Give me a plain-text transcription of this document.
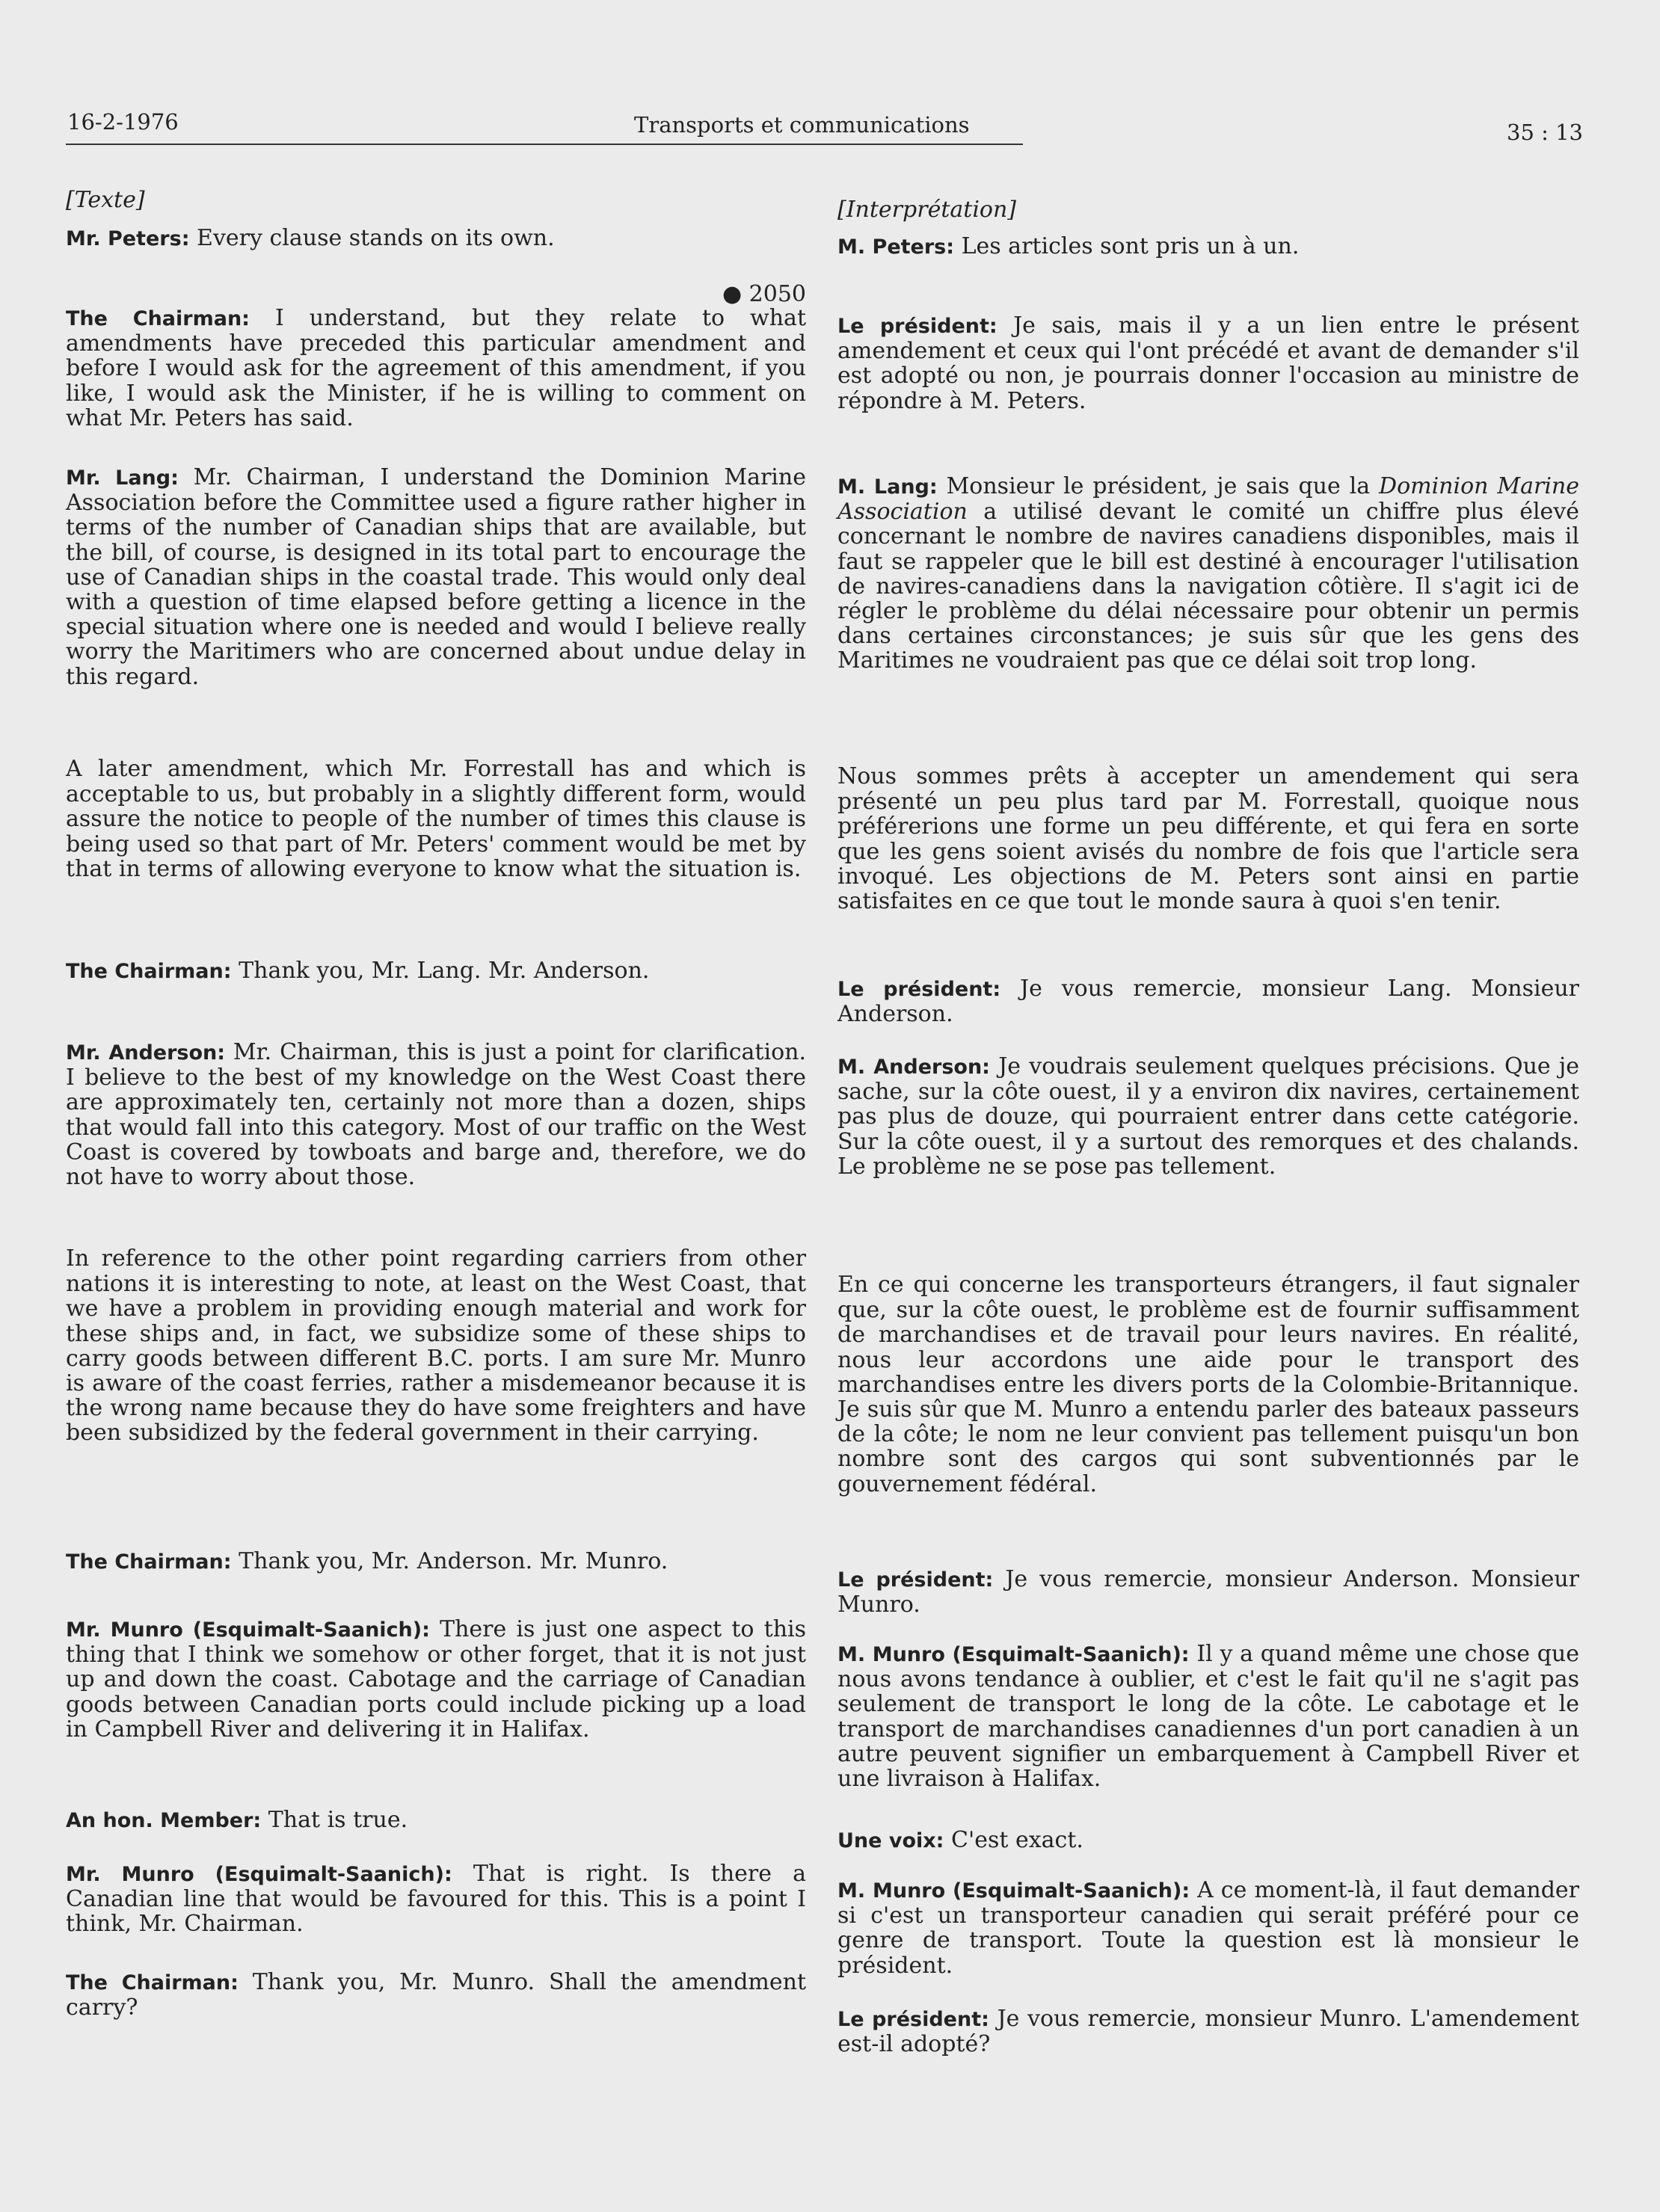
16-2-1976	Transports et communications	35 : 13

[Texte]

Mr. Peters: Every clause stands on its own.

● 2050

The Chairman: I understand, but they relate to what amendments have preceded this particular amendment and before I would ask for the agreement of this amendment, if you like, I would ask the Minister, if he is willing to comment on what Mr. Peters has said.

Mr. Lang: Mr. Chairman, I understand the Dominion Marine Association before the Committee used a figure rather higher in terms of the number of Canadian ships that are available, but the bill, of course, is designed in its total part to encourage the use of Canadian ships in the coastal trade. This would only deal with a question of time elapsed before getting a licence in the special situation where one is needed and would I believe really worry the Maritimers who are concerned about undue delay in this regard.

A later amendment, which Mr. Forrestall has and which is acceptable to us, but probably in a slightly different form, would assure the notice to people of the number of times this clause is being used so that part of Mr. Peters' comment would be met by that in terms of allowing everyone to know what the situation is.

The Chairman: Thank you, Mr. Lang. Mr. Anderson.

Mr. Anderson: Mr. Chairman, this is just a point for clarification. I believe to the best of my knowledge on the West Coast there are approximately ten, certainly not more than a dozen, ships that would fall into this category. Most of our traffic on the West Coast is covered by towboats and barge and, therefore, we do not have to worry about those.

In reference to the other point regarding carriers from other nations it is interesting to note, at least on the West Coast, that we have a problem in providing enough material and work for these ships and, in fact, we subsidize some of these ships to carry goods between different B.C. ports. I am sure Mr. Munro is aware of the coast ferries, rather a misdemeanor because it is the wrong name because they do have some freighters and have been subsidized by the federal government in their carrying.

The Chairman: Thank you, Mr. Anderson. Mr. Munro.

Mr. Munro (Esquimalt-Saanich): There is just one aspect to this thing that I think we somehow or other forget, that it is not just up and down the coast. Cabotage and the carriage of Canadian goods between Canadian ports could include picking up a load in Campbell River and delivering it in Halifax.

An hon. Member: That is true.

Mr. Munro (Esquimalt-Saanich): That is right. Is there a Canadian line that would be favoured for this. This is a point I think, Mr. Chairman.

The Chairman: Thank you, Mr. Munro. Shall the amendment carry?

[Interprétation]

M. Peters: Les articles sont pris un à un.

Le président: Je sais, mais il y a un lien entre le présent amendement et ceux qui l'ont précédé et avant de demander s'il est adopté ou non, je pourrais donner l'occasion au ministre de répondre à M. Peters.

M. Lang: Monsieur le président, je sais que la Dominion Marine Association a utilisé devant le comité un chiffre plus élevé concernant le nombre de navires canadiens disponibles, mais il faut se rappeler que le bill est destiné à encourager l'utilisation de navires-canadiens dans la navigation côtière. Il s'agit ici de régler le problème du délai nécessaire pour obtenir un permis dans certaines circonstances; je suis sûr que les gens des Maritimes ne voudraient pas que ce délai soit trop long.

Nous sommes prêts à accepter un amendement qui sera présenté un peu plus tard par M. Forrestall, quoique nous préférerions une forme un peu différente, et qui fera en sorte que les gens soient avisés du nombre de fois que l'article sera invoqué. Les objections de M. Peters sont ainsi en partie satisfaites en ce que tout le monde saura à quoi s'en tenir.

Le président: Je vous remercie, monsieur Lang. Monsieur Anderson.

M. Anderson: Je voudrais seulement quelques précisions. Que je sache, sur la côte ouest, il y a environ dix navires, certainement pas plus de douze, qui pourraient entrer dans cette catégorie. Sur la côte ouest, il y a surtout des remorques et des chalands. Le problème ne se pose pas tellement.

En ce qui concerne les transporteurs étrangers, il faut signaler que, sur la côte ouest, le problème est de fournir suffisamment de marchandises et de travail pour leurs navires. En réalité, nous leur accordons une aide pour le transport des marchandises entre les divers ports de la Colombie-Britannique. Je suis sûr que M. Munro a entendu parler des bateaux passeurs de la côte; le nom ne leur convient pas tellement puisqu'un bon nombre sont des cargos qui sont subventionnés par le gouvernement fédéral.

Le président: Je vous remercie, monsieur Anderson. Monsieur Munro.

M. Munro (Esquimalt-Saanich): Il y a quand même une chose que nous avons tendance à oublier, et c'est le fait qu'il ne s'agit pas seulement de transport le long de la côte. Le cabotage et le transport de marchandises canadiennes d'un port canadien à un autre peuvent signifier un embarquement à Campbell River et une livraison à Halifax.

Une voix: C'est exact.

M. Munro (Esquimalt-Saanich): A ce moment-là, il faut demander si c'est un transporteur canadien qui serait préféré pour ce genre de transport. Toute la question est là monsieur le président.

Le président: Je vous remercie, monsieur Munro. L'amendement est-il adopté?
